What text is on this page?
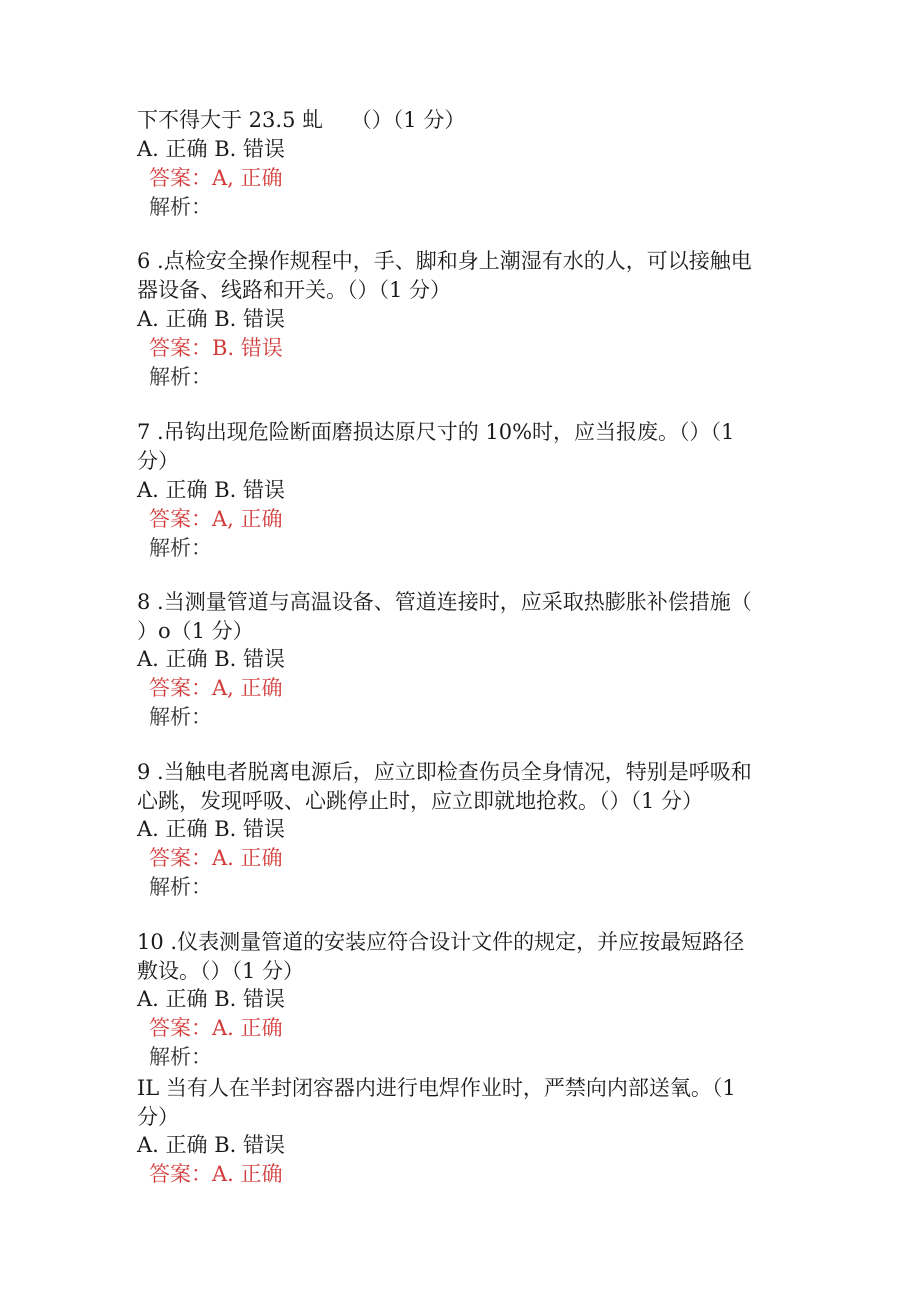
下不得大于 23.5 虬　 （）（1 分）
A. 正确 B. 错误
答案：A, 正确
解析：
6 .点检安全操作规程中，手、脚和身上潮湿有水的人，可以接触电
器设备、线路和开关。（）（1 分）
A. 正确 B. 错误
答案：B. 错误
解析：
7 .吊钩出现危险断面磨损达原尺寸的 10%时，应当报废。（）（1
分）
A. 正确 B. 错误
答案：A, 正确
解析：
8 .当测量管道与高温设备、管道连接时，应采取热膨胀补偿措施（
）o（1 分）
A. 正确 B. 错误
答案：A, 正确
解析：
9 .当触电者脱离电源后，应立即检查伤员全身情况，特别是呼吸和
心跳，发现呼吸、心跳停止时，应立即就地抢救。（）（1 分）
A. 正确 B. 错误
答案：A. 正确
解析：
10 .仪表测量管道的安装应符合设计文件的规定，并应按最短路径
敷设。（）（1 分）
A. 正确 B. 错误
答案：A. 正确
解析：
IL 当有人在半封闭容器内进行电焊作业时，严禁向内部送氧。（1
分）
A. 正确 B. 错误
答案：A. 正确
